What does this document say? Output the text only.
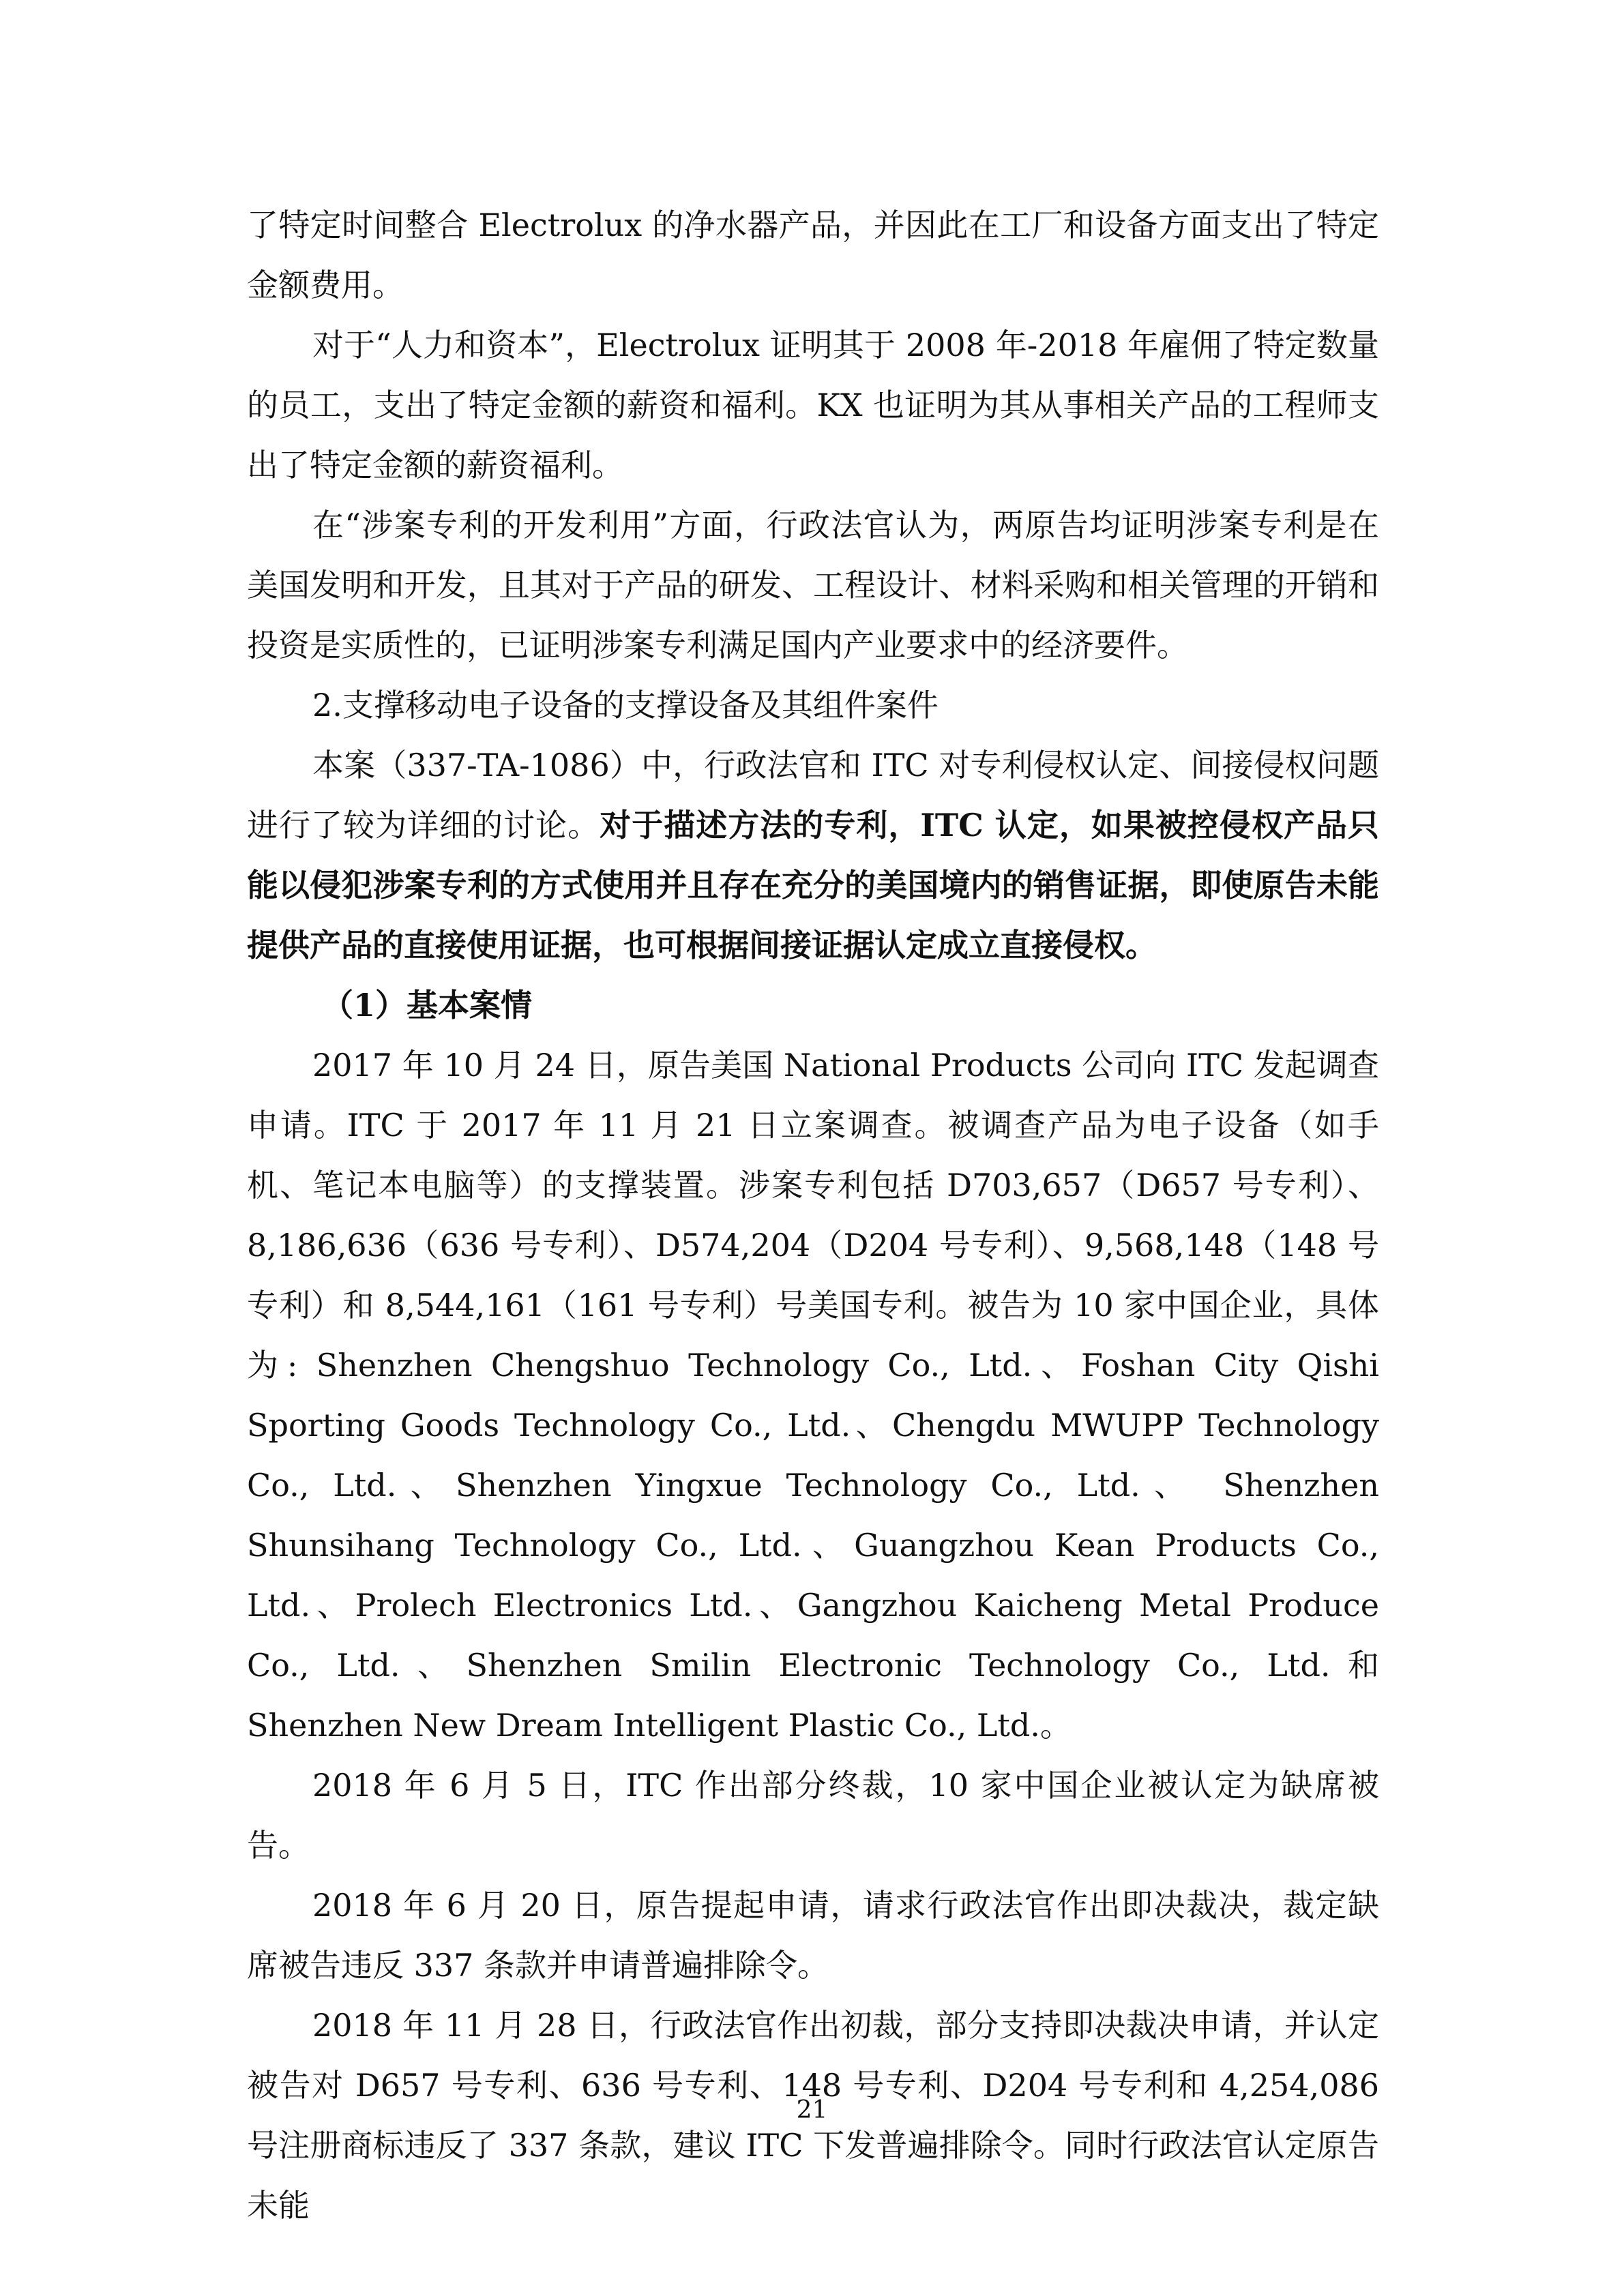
了特定时间整合 Electrolux 的净水器产品，并因此在工厂和设备方面支出了特定金额费用。

对于“人力和资本”，Electrolux 证明其于 2008 年-2018 年雇佣了特定数量的员工，支出了特定金额的薪资和福利。KX 也证明为其从事相关产品的工程师支出了特定金额的薪资福利。

在“涉案专利的开发利用”方面，行政法官认为，两原告均证明涉案专利是在美国发明和开发，且其对于产品的研发、工程设计、材料采购和相关管理的开销和投资是实质性的，已证明涉案专利满足国内产业要求中的经济要件。

2.支撑移动电子设备的支撑设备及其组件案件

本案（337-TA-1086）中，行政法官和 ITC 对专利侵权认定、间接侵权问题进行了较为详细的讨论。对于描述方法的专利，ITC 认定，如果被控侵权产品只能以侵犯涉案专利的方式使用并且存在充分的美国境内的销售证据，即使原告未能提供产品的直接使用证据，也可根据间接证据认定成立直接侵权。

（1）基本案情

2017 年 10 月 24 日，原告美国 National Products 公司向 ITC 发起调查申请。ITC 于 2017 年 11 月 21 日立案调查。被调查产品为电子设备（如手机、笔记本电脑等）的支撑装置。涉案专利包括 D703,657（D657 号专利）、8,186,636（636 号专利）、D574,204（D204 号专利）、9,568,148（148 号专利）和 8,544,161（161 号专利）号美国专利。被告为 10 家中国企业，具体为: Shenzhen Chengshuo Technology Co., Ltd.、Foshan City Qishi Sporting Goods Technology Co., Ltd.、Chengdu MWUPP Technology Co., Ltd.、Shenzhen Yingxue Technology Co., Ltd.、 Shenzhen Shunsihang Technology Co., Ltd.、Guangzhou Kean Products Co., Ltd.、Prolech Electronics Ltd.、Gangzhou Kaicheng Metal Produce Co., Ltd.、Shenzhen Smilin Electronic Technology Co., Ltd.和 Shenzhen New Dream Intelligent Plastic Co., Ltd.。

2018 年 6 月 5 日，ITC 作出部分终裁，10 家中国企业被认定为缺席被告。

2018 年 6 月 20 日，原告提起申请，请求行政法官作出即决裁决，裁定缺席被告违反 337 条款并申请普遍排除令。

2018 年 11 月 28 日，行政法官作出初裁，部分支持即决裁决申请，并认定被告对 D657 号专利、636 号专利、148 号专利、D204 号专利和 4,254,086 号注册商标违反了 337 条款，建议 ITC 下发普遍排除令。同时行政法官认定原告未能

21
